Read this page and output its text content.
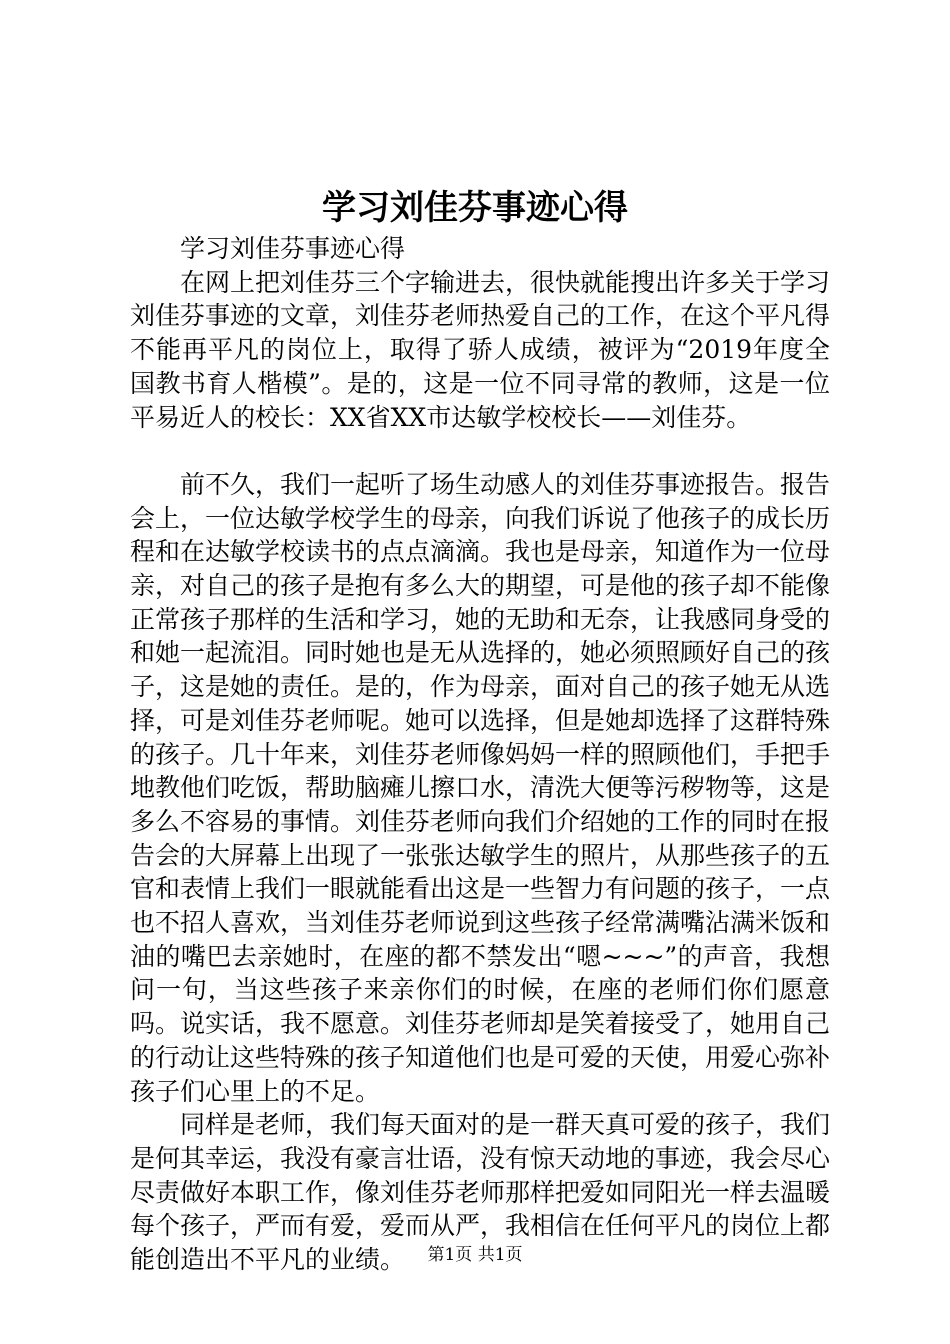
学习刘佳芬事迹心得

学习刘佳芬事迹心得

在网上把刘佳芬三个字输进去，很快就能搜出许多关于学习刘佳芬事迹的文章，刘佳芬老师热爱自己的工作，在这个平凡得不能再平凡的岗位上，取得了骄人成绩，被评为“2019年度全国教书育人楷模”。是的，这是一位不同寻常的教师，这是一位平易近人的校长：XX省XX市达敏学校校长——刘佳芬。

前不久，我们一起听了场生动感人的刘佳芬事迹报告。报告会上，一位达敏学校学生的母亲，向我们诉说了他孩子的成长历程和在达敏学校读书的点点滴滴。我也是母亲，知道作为一位母亲，对自己的孩子是抱有多么大的期望，可是他的孩子却不能像正常孩子那样的生活和学习，她的无助和无奈，让我感同身受的和她一起流泪。同时她也是无从选择的，她必须照顾好自己的孩子，这是她的责任。是的，作为母亲，面对自己的孩子她无从选择，可是刘佳芬老师呢。她可以选择，但是她却选择了这群特殊的孩子。几十年来，刘佳芬老师像妈妈一样的照顾他们，手把手地教他们吃饭，帮助脑瘫儿擦口水，清洗大便等污秽物等，这是多么不容易的事情。刘佳芬老师向我们介绍她的工作的同时在报告会的大屏幕上出现了一张张达敏学生的照片，从那些孩子的五官和表情上我们一眼就能看出这是一些智力有问题的孩子，一点也不招人喜欢，当刘佳芬老师说到这些孩子经常满嘴沾满米饭和油的嘴巴去亲她时，在座的都不禁发出“嗯~~~”的声音，我想问一句，当这些孩子来亲你们的时候，在座的老师们你们愿意吗。说实话，我不愿意。刘佳芬老师却是笑着接受了，她用自己的行动让这些特殊的孩子知道他们也是可爱的天使，用爱心弥补孩子们心里上的不足。

同样是老师，我们每天面对的是一群天真可爱的孩子，我们是何其幸运，我没有豪言壮语，没有惊天动地的事迹，我会尽心尽责做好本职工作，像刘佳芬老师那样把爱如同阳光一样去温暖每个孩子，严而有爱，爱而从严，我相信在任何平凡的岗位上都能创造出不平凡的业绩。	第1页 共1页
